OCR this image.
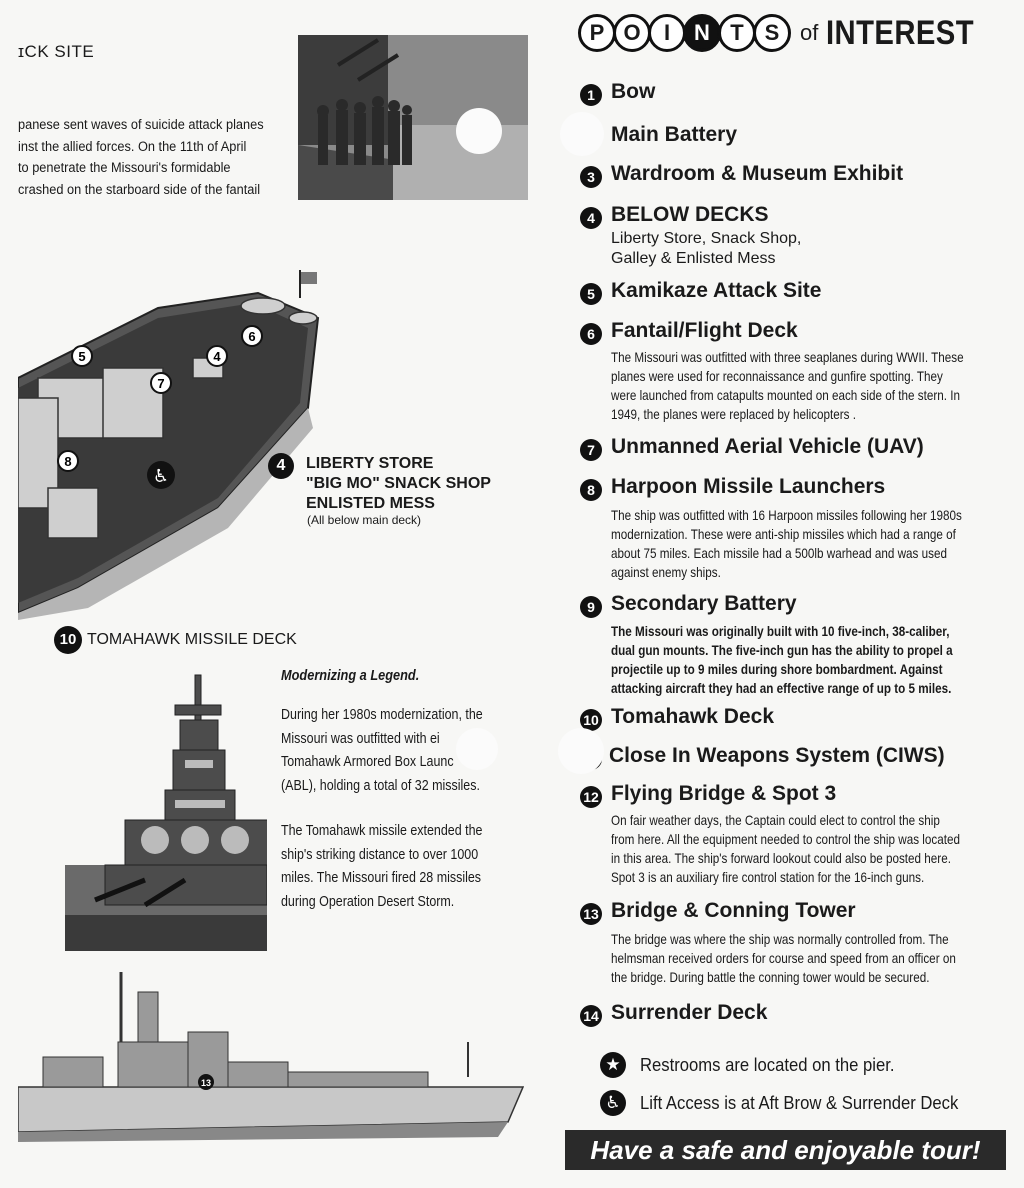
ɪCK SITE
panese sent waves of suicide attack planes
inst the allied forces. On the 11th of April
to penetrate the Missouri's formidable
crashed on the starboard side of the fantail
5
6
4
7
8
♿
4	LIBERTY STORE
"BIG MO" SNACK SHOP
ENLISTED MESS
(All below main deck)
10 TOMAHAWK MISSILE DECK
Modernizing a Legend.

During her 1980s modernization, the
Missouri was outfitted with ei
Tomahawk Armored Box Launc
(ABL), holding a total of 32 missiles.

The Tomahawk missile extended the
ship's striking distance to over 1000
miles. The Missouri fired 28 missiles
during Operation Desert Storm.

13
P O	I	N T S of INTEREST
1 Bow
Main Battery
3 Wardroom & Museum Exhibit
4 BELOW DECKS
Liberty Store, Snack Shop,
Galley & Enlisted Mess
5 Kamikaze Attack Site
6 Fantail/Flight Deck
The Missouri was outfitted with three seaplanes during WWII. These
planes were used for reconnaissance and gunfire spotting. They
were launched from catapults mounted on each side of the stern. In
1949, the planes were replaced by helicopters .
7 Unmanned Aerial Vehicle (UAV)
8 Harpoon Missile Launchers
The ship was outfitted with 16 Harpoon missiles following her 1980s
modernization. These were anti-ship missiles which had a range of
about 75 miles. Each missile had a 500lb warhead and was used
against enemy ships.
9 Secondary Battery
The Missouri was originally built with 10 five-inch, 38-caliber,
dual gun mounts. The five-inch gun has the ability to propel a
projectile up to 9 miles during shore bombardment. Against
attacking aircraft they had an effective range of up to 5 miles.
10 Tomahawk Deck
Close In Weapons System (CIWS)
12 Flying Bridge & Spot 3
On fair weather days, the Captain could elect to control the ship
from here. All the equipment needed to control the ship was located
in this area. The ship's forward lookout could also be posted here.
Spot 3 is an auxiliary fire control station for the 16-inch guns.
13 Bridge & Conning Tower
The bridge was where the ship was normally controlled from. The
helmsman received orders for course and speed from an officer on
the bridge. During battle the conning tower would be secured.
14 Surrender Deck
★ Restrooms are located on the pier.
♿ Lift Access is at Aft Brow & Surrender Deck
Have a safe and enjoyable tour!
